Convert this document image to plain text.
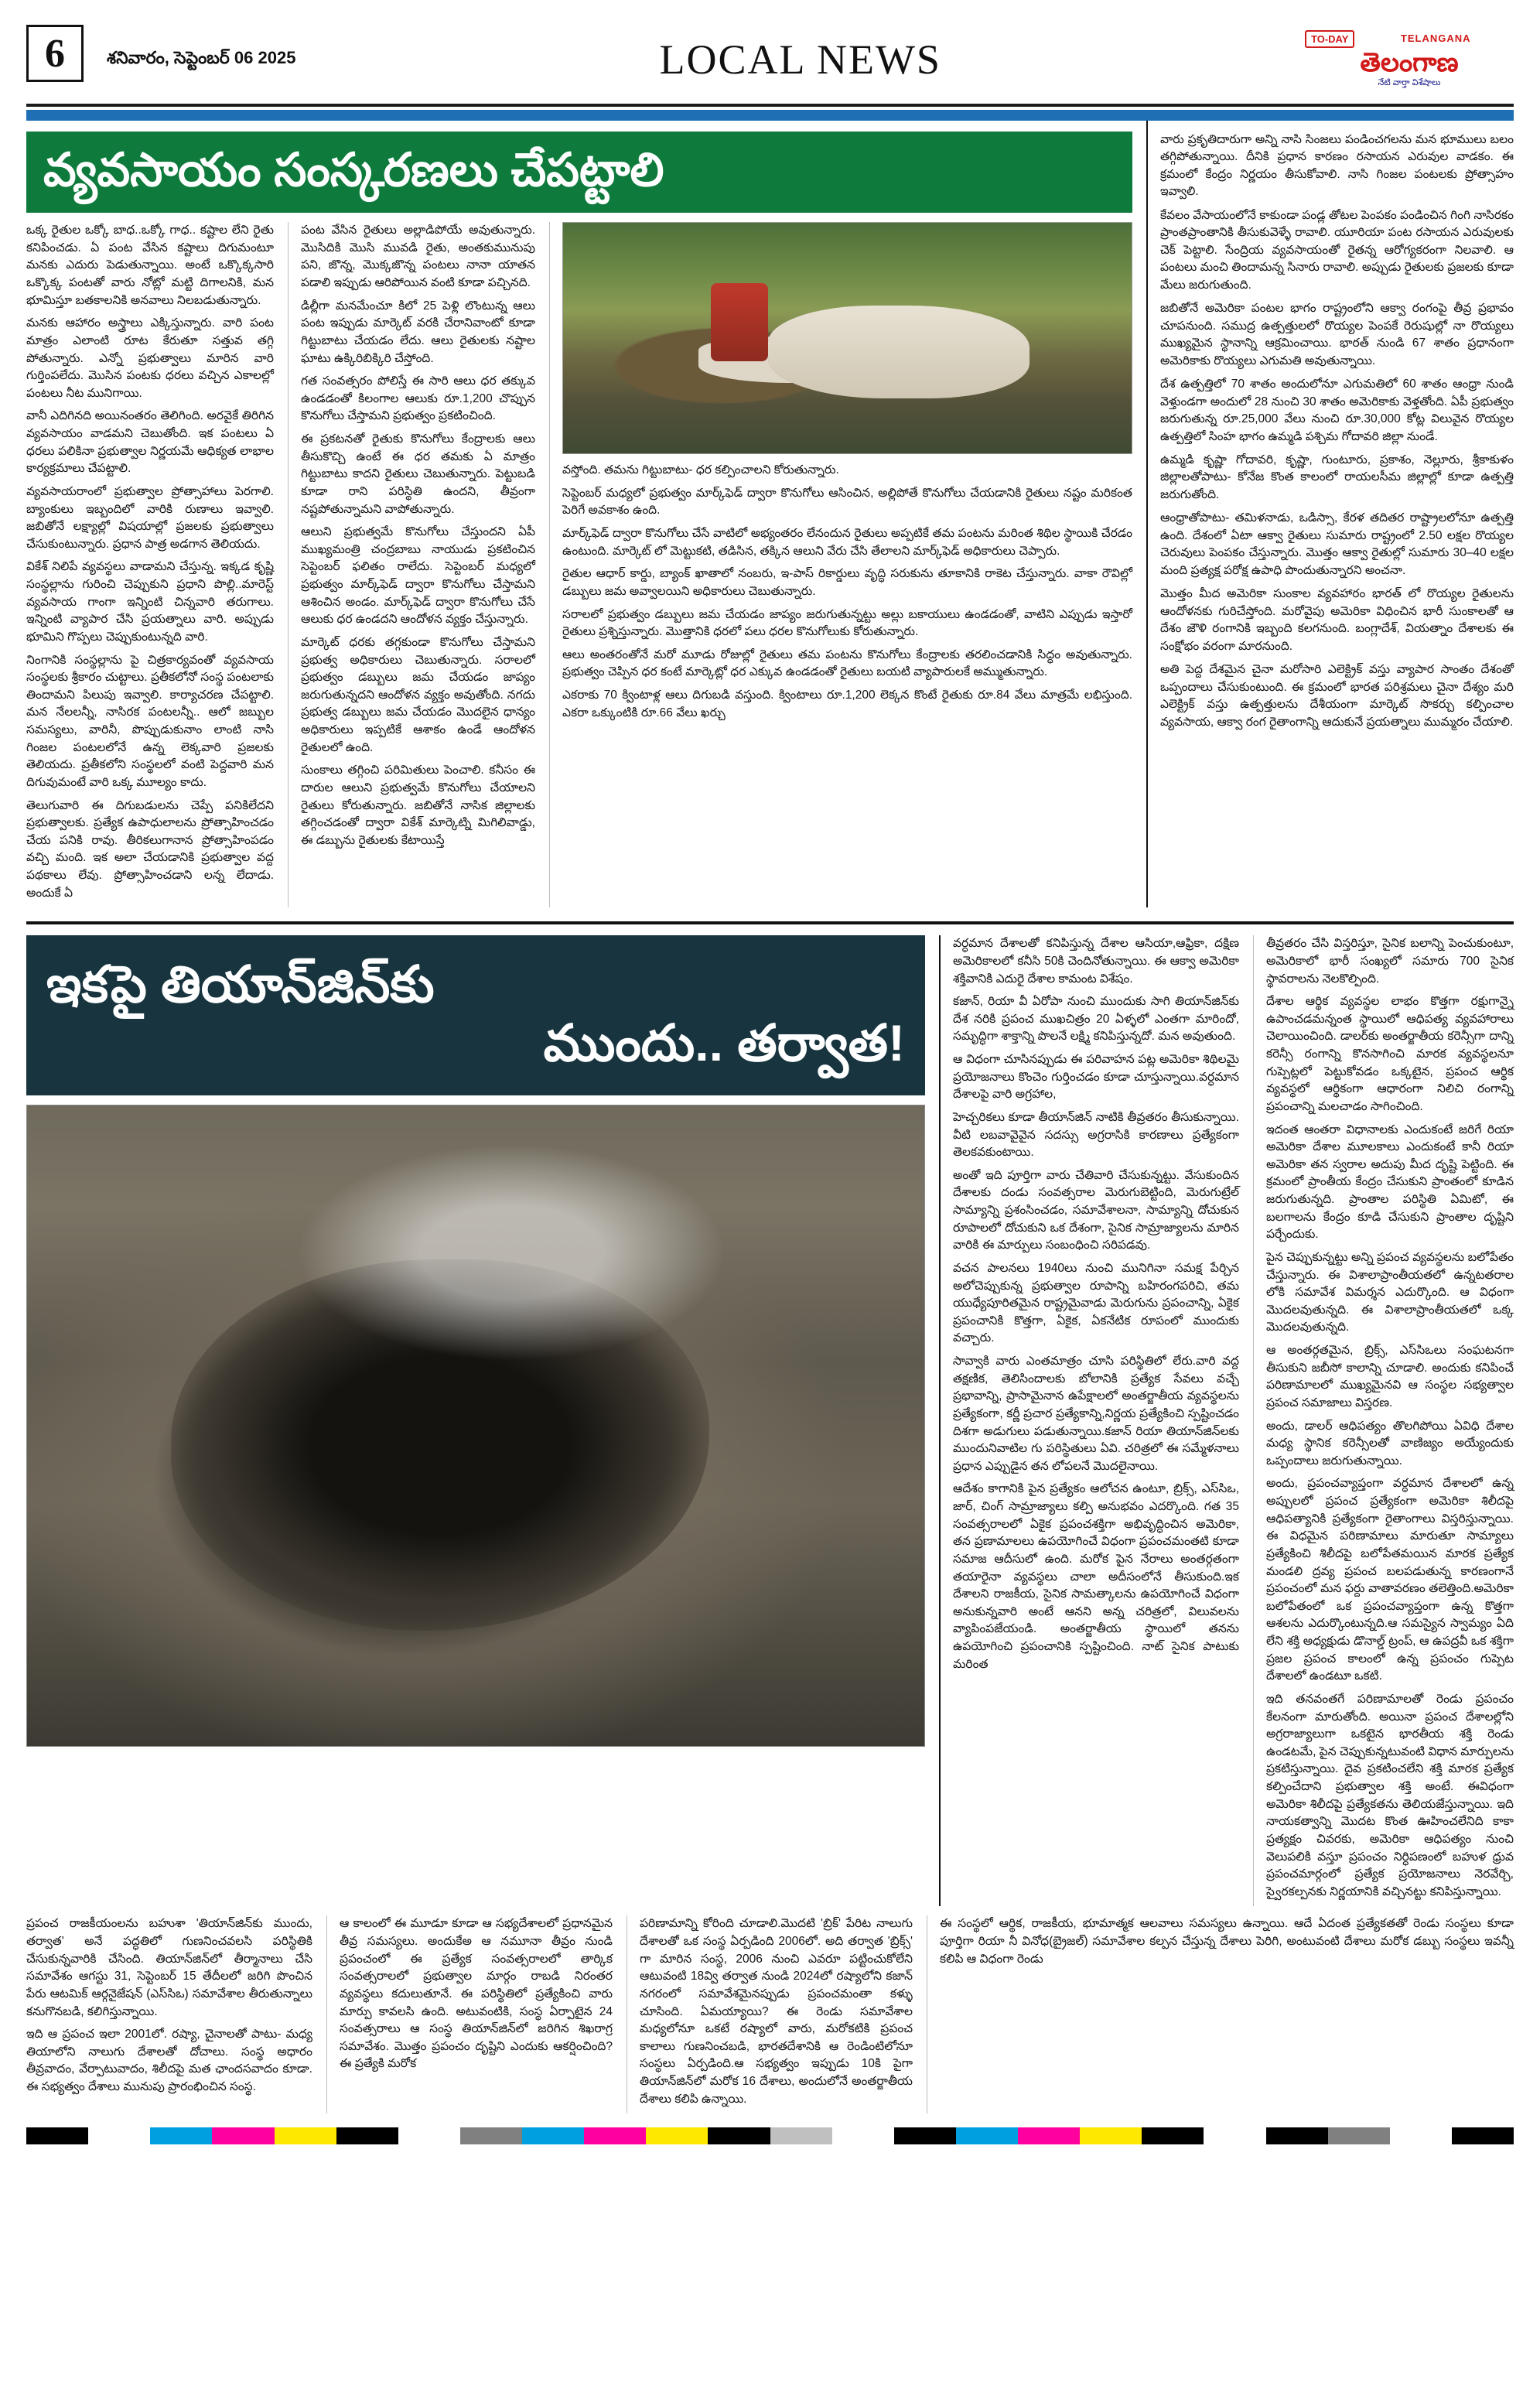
6	శనివారం, సెప్టెంబర్ 06 2025	LOCAL NEWS	TO-DAY	TELANGANA
తెలంగాణ
నేటి వార్తా విశేషాలు
వ్యవసాయం సంస్కరణలు చేపట్టాలి

ఒక్క రైతుల ఒక్కో బాధ..ఒక్కో గాధ.. కష్టాల లేని రైతు కనిపించడు. ఏ పంట వేసిన కష్టాలు దిగుమంటూ మనకు ఎదురు పెడుతున్నాయి. అంటే ఒక్కొక్కసారి ఒక్కొక్క పంటతో వారు నోట్లో మట్టి దిగాలనికి, మన భూమిస్తూ బతకాలనికి అనవాలు నిలబడుతున్నారు.

మనకు ఆహారం అస్త్రాలు ఎక్కిస్తున్నారు. వారి పంట మాత్రం ఎలాంటి రూట కేరుతూ సత్తువ తగ్గి పోతున్నారు. ఎన్నో ప్రభుత్వాలు మారిన వారి గుర్తింపలేదు. మెుసిన పంటకు ధరలు వచ్చిన ఎకాలల్లో పంటలు నీట మునిగాయి.

వానీ ఎదిగినది అయినంతరం తెలిగింది. అరవైకే తిరిగిన వ్యవసాయం వాడమని చెబుతోంది. ఇక పంటలు ఏ ధరలు పలికినా ప్రభుత్వాల నిర్ణయమే ఆధిక్యత లాభాల కార్యక్రమాలు చేపట్టాలి.

వ్యవసాయరాంలో ప్రభుత్వాల ప్రోత్సాహాలు పెరగాలి. బ్యాంకులు ఇబ్బందిలో వారికి రుణాలు ఇవ్వాలి. జబితోనే లక్ష్యాల్లో విషయాల్లో ప్రజలకు ప్రభుత్వాలు చేసుకుంటున్నారు. ప్రధాన పాత్ర అడగాన తెలియదు.

వికేశ్ నిలిపే వ్యవస్థలు వాడామని చేస్తున్న. ఇక్కడ కృష్ణి సంస్థల్లాను గురించి చెప్పుకుని ప్రధాని పొల్లి..మారెస్ట్ వ్యవసాయ గాంగా ఇన్నింటి చిన్నవారి తరుగాలు. ఇన్నింటి వ్యాపార చేసి ప్రయత్నాలు వారి. అప్పుడు భూమిని గొప్పలు చెప్పుకుంటున్నది వారి.

నింగానికి సంస్థల్లాను పై చిత్రకార్యవంతో వ్యవసాయ సంస్థలకు శ్రీకారం చుట్టాలు. ప్రతీకలోనో సంస్థ పంటలాకు తిందామని పిలుపు ఇవ్వాలి. కార్యాచరణ చేపట్టాలి. మన నేలలన్నీ, నాసిరక పంటలన్నీ.. ఆలో జబ్బుల సమస్యలు, వారినీ, పొప్పుడుకునాం లాంటి నాసి గింజల పంటలలోనే ఉన్న లెక్కవారి ప్రజలకు తెలియదు. ప్రతీకలోని సంస్థలలో వంటి పెద్దవారి మన దిగువుమంటే వారి ఒక్క మూల్యం కాదు.

తెలుగువారి ఈ దిగుబడులను చెప్పే పనికిలేదని ప్రభుత్వాలకు. ప్రత్యేక ఉపాధులాలను ప్రోత్సాహించడం చేయ పనికి రావు. తీరికలుగానాన ప్రోత్సాహింపడం వచ్చి మంది. ఇక అలా చేయడానికి ప్రభుత్వాల వద్ద పథకాలు లేవు. ప్రోత్సాహించడాని లన్న లేదాడు. అందుకే ఏ

పంట వేసిన రైతులు అల్లాడిపోయే అవుతున్నారు. మెుసిదికి మెుసి మువడి రైతు, అంతకుమునుపు పని, జొన్న, మెుక్కజొన్న పంటలు నానా యాతన పడాలి ఇప్పుడు ఆరిపోయిన వంటి కూడా పచ్చినది.

డిల్లీగా మనమేంచూ కిలో 25 పెళ్లి లొంటున్న ఆలు పంట ఇప్పుడు మార్కెట్ వరకి చేరానివాంటో కూడా గిట్టుబాటు చేయడం లేదు. ఆలు రైతులకు నష్టాల ఘాటు ఉక్కిరిబిక్కిరి చేస్తోంది.

గత సంవత్సరం పోలిస్తే ఈ సారి ఆలు ధర తక్కువ ఉండడంతో కిలంగాల ఆలుకు రూ.1,200 చొప్పున కొనుగోలు చేస్తామని ప్రభుత్వం ప్రకటించింది.

ఈ ప్రకటనతో రైతుకు కొనుగోలు కేంద్రాలకు ఆలు తీసుకొచ్చి ఉంటే ఈ ధర తమకు ఏ మాత్రం గిట్టుబాటు కాదని రైతులు చెబుతున్నారు. పెట్టుబడి కూడా రాని పరిస్థితి ఉందని, తీవ్రంగా నష్టపోతున్నామని వాపోతున్నారు.

ఆలుని ప్రభుత్వమే కొనుగోలు చేస్తుందని ఏపీ ముఖ్యమంత్రి చంద్రబాబు నాయుడు ప్రకటించిన సెప్టెంబర్ ఫలితం రాలేదు. సెప్టెంబర్ మధ్యలో ప్రభుత్వం మార్క్‌ఫెడ్ ద్వారా కొనుగోలు చేస్తామని ఆశించిన అండం. మార్క్‌ఫెడ్ ద్వారా కొనుగోలు చేసే ఆలుకు ధర ఉండదని ఆందోళన వ్యక్తం చేస్తున్నారు.

మార్కెట్ ధరకు తగ్గకుండా కొనుగోలు చేస్తామని ప్రభుత్వ అధికారులు చెబుతున్నారు. సరాలలో ప్రభుత్వం డబ్బులు జమ చేయడం జాప్యం జరుగుతున్నదని ఆందోళన వ్యక్తం అవుతోంది. నగదు ప్రభుత్వ డబ్బులు జమ చేయడం మెుదలైన ధాన్యం అధికారులు ఇప్పటికే ఆశాకం ఉండే ఆందోళన రైతులలో ఉంది.

సుంకాలు తగ్గించి పరిమితులు పెంచాలి. కనీసం ఈ దారుల ఆలుని ప్రభుత్వమే కొనుగోలు చేయాలని రైతులు కోరుతున్నారు. జబితోనే నాసిక జిల్లాలకు తగ్గించడంతో ద్వారా వికేశ్ మార్కెట్ని మిగిలివాడ్డు, ఈ డబ్బును రైతులకు కేటాయిస్తే

వస్తోంది. తమను గిట్టుబాటు- ధర కల్పించాలని కోరుతున్నారు.

సెప్టెంబర్ మధ్యలో ప్రభుత్వం మార్క్‌ఫెడ్ ద్వారా కొనుగోలు ఆసించిన, అల్లిపోతే కొనుగోలు చేయడానికి రైతులు నష్టం మరికంత పెరిగే అవకాశం ఉంది.

మార్క్‌ఫెడ్ ద్వారా కొనుగోలు చేసే వాటిలో అభ్యంతరం లేనందున రైతులు అప్పటికే తమ పంటను మరింత శిథిల స్థాయికి చేరడం ఉంటుంది. మార్కెట్ లో మెట్టుకటి, తడిసిన, తక్కిన ఆలుని వేరు చేసి తేలాలని మార్క్‌ఫెడ్ అధికారులు చెప్పారు.

రైతుల ఆధార్ కార్డు, బ్యాంక్ ఖాతాలో నంబరు, ఇ-పాస్ రికార్డులు వృద్ధి సరుకును తూకానికి రాకెట చేస్తున్నారు. వాకా రౌవిల్లో డబ్బులు జమ అవ్వాలయిని అధికారులు చెబుతున్నారు.

సరాలలో ప్రభుత్వం డబ్బులు జమ చేయడం జాప్యం జరుగుతున్నట్టు అల్లు బకాయులు ఉండడంతో, వాటిని ఎప్పుడు ఇస్తారో రైతులు ప్రశ్నిస్తున్నారు. మొత్తానికి ధరలో పలు ధరల కొనుగోలుకు కోరుతున్నారు.

ఆలు అంతరంతోనే మరో మూడు రోజుల్లో రైతులు తమ పంటను కొనుగోలు కేంద్రాలకు తరలించడానికి సిద్ధం అవుతున్నారు. ప్రభుత్వం చెప్పిన ధర కంటే మార్కెట్లో ధర ఎక్కువ ఉండడంతో రైతులు బయటి వ్యాపారులకే అమ్ముతున్నారు.

ఎకరాకు 70 క్వింటాళ్ల ఆలు దిగుబడి వస్తుంది. క్వింటాలు రూ.1,200 లెక్కన కొంటే రైతుకు రూ.84 వేలు మాత్రమే లభిస్తుంది. ఎకరా ఒక్కుంటికి రూ.66 వేలు ఖర్చు

వారు ప్రకృతిదారుగా అన్ని నాసి సింజలు పండించగలను మన భూములు బలం తగ్గిపోతున్నాయి. దీనికి ప్రధాన కారణం రసాయన ఎరువుల వాడకం. ఈ క్రమంలో కేంద్రం నిర్ణయం తీసుకోవాలి. నాసి గింజల పంటలకు ప్రోత్సాహం ఇవ్వాలి.

కేవలం వేసాయంలోనే కాకుండా పండ్ల తోటల పెంపకం పండించిన గింగి నాసిరకం ప్రాంతప్రాంతానికి తీసుకువెళ్ళే రావాలి. యూరియా పంట రసాయన ఎరువులకు చెక్ పెట్టాలి. సేంద్రియ వ్యవసాయంతో రైతన్న ఆరోగ్యకరంగా నిలవాలి. ఆ పంటలు మంచి తిందామన్న సినారు రావాలి. అప్పుడు రైతులకు ప్రజలకు కూడా మేలు జరుగుతుంది.

జబితోనే అమెరికా పంటల భాగం రాష్ట్రంలోని ఆక్వా రంగంపై తీవ్ర ప్రభావం చూపనుంది. సముద్ర ఉత్పత్తులలో రొయ్యల పెంపకే రెరుషుల్లో నా రొయ్యలు ముఖ్యమైన స్థానాన్ని ఆక్రమించాయి. భారత్ నుండి 67 శాతం ప్రధానంగా అమెరికాకు రొయ్యలు ఎగుమతి అవుతున్నాయి.

దేశ ఉత్పత్తిలో 70 శాతం అందులోనూ ఎగుమతిలో 60 శాతం ఆంధ్రా నుండి వెళ్తుండగా అందులో 28 నుంచి 30 శాతం అమెరికాకు వెళ్తతోంది. ఏపీ ప్రభుత్వం జరుగుతున్న రూ.25,000 వేలు నుంచి రూ.30,000 కోట్ల విలువైన రొయ్యల ఉత్పత్తిలో సింహ భాగం ఉమ్మడి పశ్చిమ గోదావరి జిల్లా నుండే.

ఉమ్మడి కృష్ణా గోదావరి, కృష్ణా, గుంటూరు, ప్రకాశం, నెల్లూరు, శ్రీకాకుళం జిల్లాలతోపాటు- కోనేజ కొంత కాలంలో రాయలసీమ జిల్లాల్లో కూడా ఉత్పత్తి జరుగుతోంది.

ఆంధ్రాతోపాటు- తమిళనాడు, ఒడిస్సా, కేరళ తదితర రాష్ట్రాలలోనూ ఉత్పత్తి ఉంది. దేశంలో ఏటా ఆక్వా రైతులు సుమారు రాష్ట్రంలో 2.50 లక్షల రొయ్యల చెరువులు పెంపకం చేస్తున్నారు. మొత్తం ఆక్వా రైతుల్లో సుమారు 30–40 లక్షల మంది ప్రత్యక్ష పరోక్ష ఉపాధి పొందుతున్నారని అంచనా.

మొత్తం మీద అమెరికా సుంకాల వ్యవహారం భారత్ లో రొయ్యల రైతులను ఆందోళనకు గురిచేస్తోంది. మరోవైపు అమెరికా విధించిన భారీ సుంకాలతో ఆ దేశం జౌళి రంగానికి ఇబ్బంది కలగనుంది. బంగ్లాదేశ్, వియత్నాం దేశాలకు ఈ సంక్షోభం వరంగా మారనుంది.

అతి పెద్ద దేశమైన చైనా మరోసారి ఎలెక్ట్రిక్ వస్తు వ్యాపార సాంతం దేశంతో ఒప్పందాలు చేసుకుంటుంది. ఈ క్రమంలో భారత పరిశ్రమలు చైనా దేశ్యం మరి ఎలెక్ట్రిక్ వస్తు ఉత్పత్తులను దేశీయంగా మార్కెట్ సొకర్చు కల్పించాల వ్యవసాయ, ఆక్వా రంగ రైతాంగాన్ని ఆదుకునే ప్రయత్నాలు ముమ్మరం చేయాలి.

ఇకపై తియాన్‌జిన్‌కు
ముందు.. తర్వాత!

వర్ధమాన దేశాలతో కనిపిస్తున్న దేశాల ఆసియా,ఆఫ్రికా, దక్షిణ అమెరికాలలో కనీసి 50కి చెందినోతున్నాయి. ఈ ఆక్వా అమెరికా శక్తివానికి ఎదురై దేశాల కామంట విశేషం.

కజాన్, రియా వీ ఏరోపా నుంచి ముందుకు సాగి తియాన్‌జిన్‌కు దేశ నరికి ప్రపంచ ముఖచిత్రం 20 ఏళ్ళలో ఎంతగా మారిందో, సమృద్ధిగా శాక్తాన్ని పొలనే లక్ష్మి కనిపిస్తున్నదో. మన అవుతుంది.

ఆ విధంగా చూసినప్పుడు ఈ పరివాహన పట్ల అమెరికా శిథిలమై ప్రయోజనాలు కొంచెం గుర్తించడం కూడా చూస్తున్నాయి.వర్ధమాన దేశాలపై వారి అగ్రహాల,

హెచ్చరికలు కూడా తీయాన్‌జిన్‌ నాటికి తీవ్రతరం తీసుకున్నాయి. వీటి లబవావైవైన సదస్సు అగ్రరాసికి కారణాలు ప్రత్యేకంగా తెలకవకుంటాయి.

అంతో ఇది పూర్తిగా వారు చేతివారి చేసుకున్నట్టు. వేసుకుందిన దేశాలకు దండు సంవత్సరాల మెరుగుబెట్టింది, మెరుగుట్రేల్ సామ్యాన్ని ప్రశంసించడం, సమావేశాలనా, సామ్యాన్ని దోచుకున రూపాలలో దోచుకుని ఒక దేశంగా, సైనిక సామ్రాజ్యాలను మారిన వారికి ఈ మార్పులు సంబంధించి సరిపడవు.

వచన పాలనలు 1940లు నుంచి మునిగినా సమక్ష పేర్చిన అలోచెప్పుకున్న ప్రభుత్వాల రూపాన్ని బహిరంగపరిచి, తమ యుధ్యేపూరితమైన రాష్ట్రమైవాడు మెరుగును ప్రపంచాన్ని, ఏకైక ప్రపంచానికి కొత్తగా, ఏకైక, ఏకనేటిక రూపంలో ముందుకు వచ్చారు.

సావ్వాకి వారు ఎంతమాత్రం చూసి పరిస్థితిలో లేరు.వారి వద్ద తక్షణిక, తెలిసిందాలకు బోలానికి ప్రత్యేక సేవలు వచ్చే ప్రభావాన్ని, ప్రాసామైనాన ఉపేక్షాలలో అంతర్జాతీయ వ్యవస్థలను ప్రత్యేకంగా, కర్ణీ ప్రచార ప్రత్యేకాన్ని,నిర్ణయ ప్రత్యేకించి స్పష్టించడం దిశగా అడుగులు పడుతున్నాయి.కజాన్ రియా తియాన్‌జిన్‌లకు ముందునివాటిల గు పరిస్థితులు ఏవి. చరిత్రలో ఈ సమ్మేళనాలు ప్రధాన ఎప్పుడైన తన లోపలనే మెుదలైనాయి.

ఆదేశం కాగానికి పైన ప్రత్యేకం ఆలోచన ఉంటూ, బ్రిక్స్, ఎస్‌సిఒ, జార్, చింగ్ సామ్రాజ్యాలు కల్పి అనుభవం ఎదర్కొంది. గత 35 సంవత్సరాలలో ఏకైక ప్రపంచశక్తిగా అభివృద్ధించిన అమెరికా, తన ప్రణామాలలు ఉపయోగించే విధంగా ప్రపంచమంతటి కూడా సమాజ ఆదీసులో ఉంది. మరోక పైన నేరాలు అంతర్గతంగా తయారైనా వ్యవస్థలు చాలా అదీసంలోనే తీసుకుంది.ఇక దేశాలని రాజకీయ, సైనిక సామత్కాలను ఉపయోగించే విధంగా అనుకున్నవారి అంటే ఆనని అన్న చరిత్రలో, విలువలను వ్యాపింపజేయండి. అంతర్జాతీయ స్థాయిలో తనను ఉపయోగించి ప్రపంచానికి స్పష్టించింది. నాట్ సైనిక పాటుకు మరింత

తీవ్రతరం చేసి విస్తరిస్తూ, సైనిక బలాన్ని పెంచుకుంటూ, అమెరికాలో భారీ సంఖ్యలో సమారు 700 సైనిక స్థావరాలను నెలకొల్పింది.

దేశాల ఆర్థిక వ్యవస్థల లాభం కొత్తగా రక్షుగాన్నై ఉపాంచడమన్నంత స్థాయిలో ఆధిపత్య వ్యవహారాలు చెలాయించింది. డాలర్‌కు అంతర్జాతీయ కరెన్సీగా దాన్ని కరెన్సీ రంగాన్ని కొనసాగించి మారక వ్యవస్థలనూ గుప్పెట్లలో పెట్టుకోవడం ఒక్కటైన, ప్రపంచ ఆర్థిక వ్యవస్థలో ఆర్థికంగా ఆధారంగా నిలిచి రంగాన్ని ప్రపంచాన్ని మలచాడం సాగించింది.

ఇదంత ఆంతరా విధానాలకు ఎందుకంటే జరిగే రియా అమెరికా దేశాల మూలకాలు ఎందుకంటే కానీ రియా అమెరికా తన స్వరాల అదుపు మీద దృష్టి పెట్టింది. ఈ క్రమంలో ప్రాంతీయ కేంద్రం చేసుకుని ప్రాంతంలో కూడిన జరుగుతున్నది. ప్రాంతాల పరిస్థితి ఏమిటో, ఈ బలగాలను కేంద్రం కూడి చేసుకుని ప్రాంతాల దృష్టిని పర్చేందుకు.

పైన చెప్పుకున్నట్టు అన్ని ప్రపంచ వ్యవస్థలను బలోపేతం చేస్తున్నారు. ఈ విశాలాప్రాంతీయతలో ఉన్నటతరాల లోకి సమావేశ విమర్శన ఎదుర్కొంది. ఆ విధంగా మెుదలవుతున్నది. ఈ విశాలాప్రాంతీయతలో ఒక్క మెుదలవుతున్నది.

ఆ అంతర్గతమైన, బ్రిక్స్, ఎస్‌సిఒలు సంఘటనగా తీసుకుని జబీసో కాలాన్ని చూడాలి. అందుకు కనిపించే పరిణామాలలో ముఖ్యమైనవి ఆ సంస్థల సభ్యత్వాల ప్రపంచ సమాజాలు విస్తరణ.

అందు, డాలర్ ఆధిపత్యం తొలగిపోయి ఏవిధి దేశాల మధ్య స్థానిక కరెన్సీలతో వాణిజ్యం అయ్యేందుకు ఒప్పందాలు జరుగుతున్నాయి.

అందు, ప్రపంచవ్యాప్తంగా వర్ధమాన దేశాలలో ఉన్న అప్పులలో ప్రపంచ ప్రత్యేకంగా అమెరికా శిలీదపై ఆధిపత్యానికి ప్రత్యేకంగా రైతాంగాలు విస్తరిస్తున్నాయి. ఈ విధమైన పరిణామాలు మారుతూ సామ్యాలు ప్రత్యేకించి శిలీదపై బలోపేతమయిన మారక ప్రత్యేక మండలి ద్రవ్య ప్రపంచ బలపడుతున్న కారణంగానే ప్రపంచంలో మన ఫర్దు వాతావరణం తలెత్తింది.అమెరికా బలోపేతంలో ఒక ప్రపంచవ్యాప్తంగా ఉన్న కొత్తగా ఆశలను ఎదుర్కొంటున్నది.ఆ సమస్యైన స్వామ్యం ఏది లేని శక్తి అధ్యక్షుడు డొనాల్డ్ ట్రంప్, ఆ ఉపద్రవీ ఒక శక్తిగా ప్రజల ప్రపంచ కాలంలో ఉన్న ప్రపంచం గుప్పెట దేశాలలో ఉండటూ ఒకటి.

ఇది తనవంతగే పరిణామాలతో రెండు ప్రపంచం కేలనంగా మారుతోంది. అయినా ప్రపంచ దేశాలల్లోని అగ్రరాజ్యాలుగా ఒకటైన భారతీయ శక్తి రెండు ఉండటమే, పైన చెప్పుకున్నటువంటి విధాన మార్పులను ప్రకటిస్తున్నాయి. దైవ ప్రకటించలేని శక్తి మారక ప్రత్యేక కల్పించేదాని ప్రభుత్వాల శక్తి అంటే. ఈవిధంగా అమెరికా శిలీదపై ప్రత్యేకతను తెలియజేస్తున్నాయి. ఇది నాయకత్వాన్ని మెుదట కొంత ఊహించలేనిది కాకా ప్రత్యక్షం చివరకు, అమెరికా ఆధిపత్యం నుంచి వెలుపలికి వస్తూ ప్రపంచం నిర్ధిపణంలో బహుళ ధ్రువ ప్రపంచమార్గంలో ప్రత్యేక ప్రయోజనాలు నెరవేర్చి, స్వైరకల్పనకు నిర్ణయానికి వచ్చినట్టు కనిపిస్తున్నాయి.

ప్రపంచ రాజకీయంలను బహుశా 'తియాన్‌జిన్‌కు ముందు, తర్వాత' అనే పద్ధతిలో గుణనించవలసి పరిస్థితికి చేసుకున్నవారికి చేసింది. తియాన్‌జిన్‌లో తీర్మానాలు చేసి సమావేశం ఆగస్టు 31, సెప్టెంబర్ 15 తేదీలలో జరిగి పొంచిన పేరు ఆటమిక్ ఆర్గనైజేషన్ (ఎస్‌సిఒ) సమావేశాల తీరుతున్నాలు కనుగొనబడి, కలిగిస్తున్నాయి.

ఇది ఆ ప్రపంచ ఇలా 2001లో. రష్యా, చైనాలతో పాటు- మధ్య తియాలోని నాలుగు దేశాలతో దోచాలు. సంస్థ అధారం తీవ్రవాదం, వేర్పాటువాదం, శిలీదపై మత ఛాందసవాదం కూడా. ఈ సభ్యత్వం దేశాలు మునుపు ప్రారంభించిన సంస్థ.

ఆ కాలంలో ఈ మూడూ కూడా ఆ సభ్యదేశాలలో ప్రధానమైన తీవ్ర సమస్యలు. అందుకేఅ ఆ నమూనా తీవ్రం నుండి ప్రపంచంలో ఈ ప్రత్యేక సంవత్సరాలలో తార్కిక సంవత్సరాలలో ప్రభుత్వాల మార్గం రాబడి నిరంతర వ్యవస్థలు కదులుతూనే. ఈ పరిస్థితిలో ప్రత్యేకించి వారు మార్పు కావలసి ఉంది. అటువంటికి, సంస్థ ఏర్పాటైన 24 సంవత్సరాలు ఆ సంస్థ తియాన్‌జిన్‌లో జరిగిన శిఖరాగ్ర సమావేశం. మొత్తం ప్రపంచం దృష్టిని ఎందుకు ఆకర్షించింది? ఈ ప్రత్యేకి మరోక

పరిణామాన్ని కోరింది చూడాలి.మెుదటి 'బ్రిక్' పేరిట నాలుగు దేశాలతో ఒక సంస్థ ఏర్పడింది 2006లో. అది తర్వాత 'బ్రిక్స్' గా మారిన సంస్థ, 2006 నుంచి ఎవరూ పట్టించుకోలేని ఆటువంటి 18వ్వి తర్వాత నుండి 2024లో రష్యాలోని కజాన్ నగరంలో సమావేశమైనప్పుడు ప్రపంచమంతా కళ్ళు చూసింది. ఏమయ్యాయి? ఈ రెండు సమావేశాల మధ్యలోనూ ఒకటే రష్యాలో వారు, మరోకటికి ప్రపంచ కాలాలు గుణనించబడి, భారతదేశానికి ఆ రెండింటిలోనూ సంస్థలు ఏర్పడింది.ఆ సభ్యత్వం ఇప్పుడు 10కి పైగా తియాన్‌జిన్‌లో మరోక 16 దేశాలు, అందులోనే అంతర్జాతీయ దేశాలు కలిపి ఉన్నాయి.

ఈ సంస్థలో ఆర్థిక, రాజకీయ, భూమాత్మక ఆలవాలు సమస్యలు ఉన్నాయి. ఆదే ఏదంత ప్రత్యేకతతో రెండు సంస్థలు కూడా పూర్తిగా రియా నీ వినోధ(బ్రైజల్) సమావేశాల కల్పన చేస్తున్న దేశాలు పెరిగి, అంటువంటి దేశాలు మరోక డబ్బు సంస్థలు ఇవన్నీ కలిపి ఆ విధంగా రెండు
